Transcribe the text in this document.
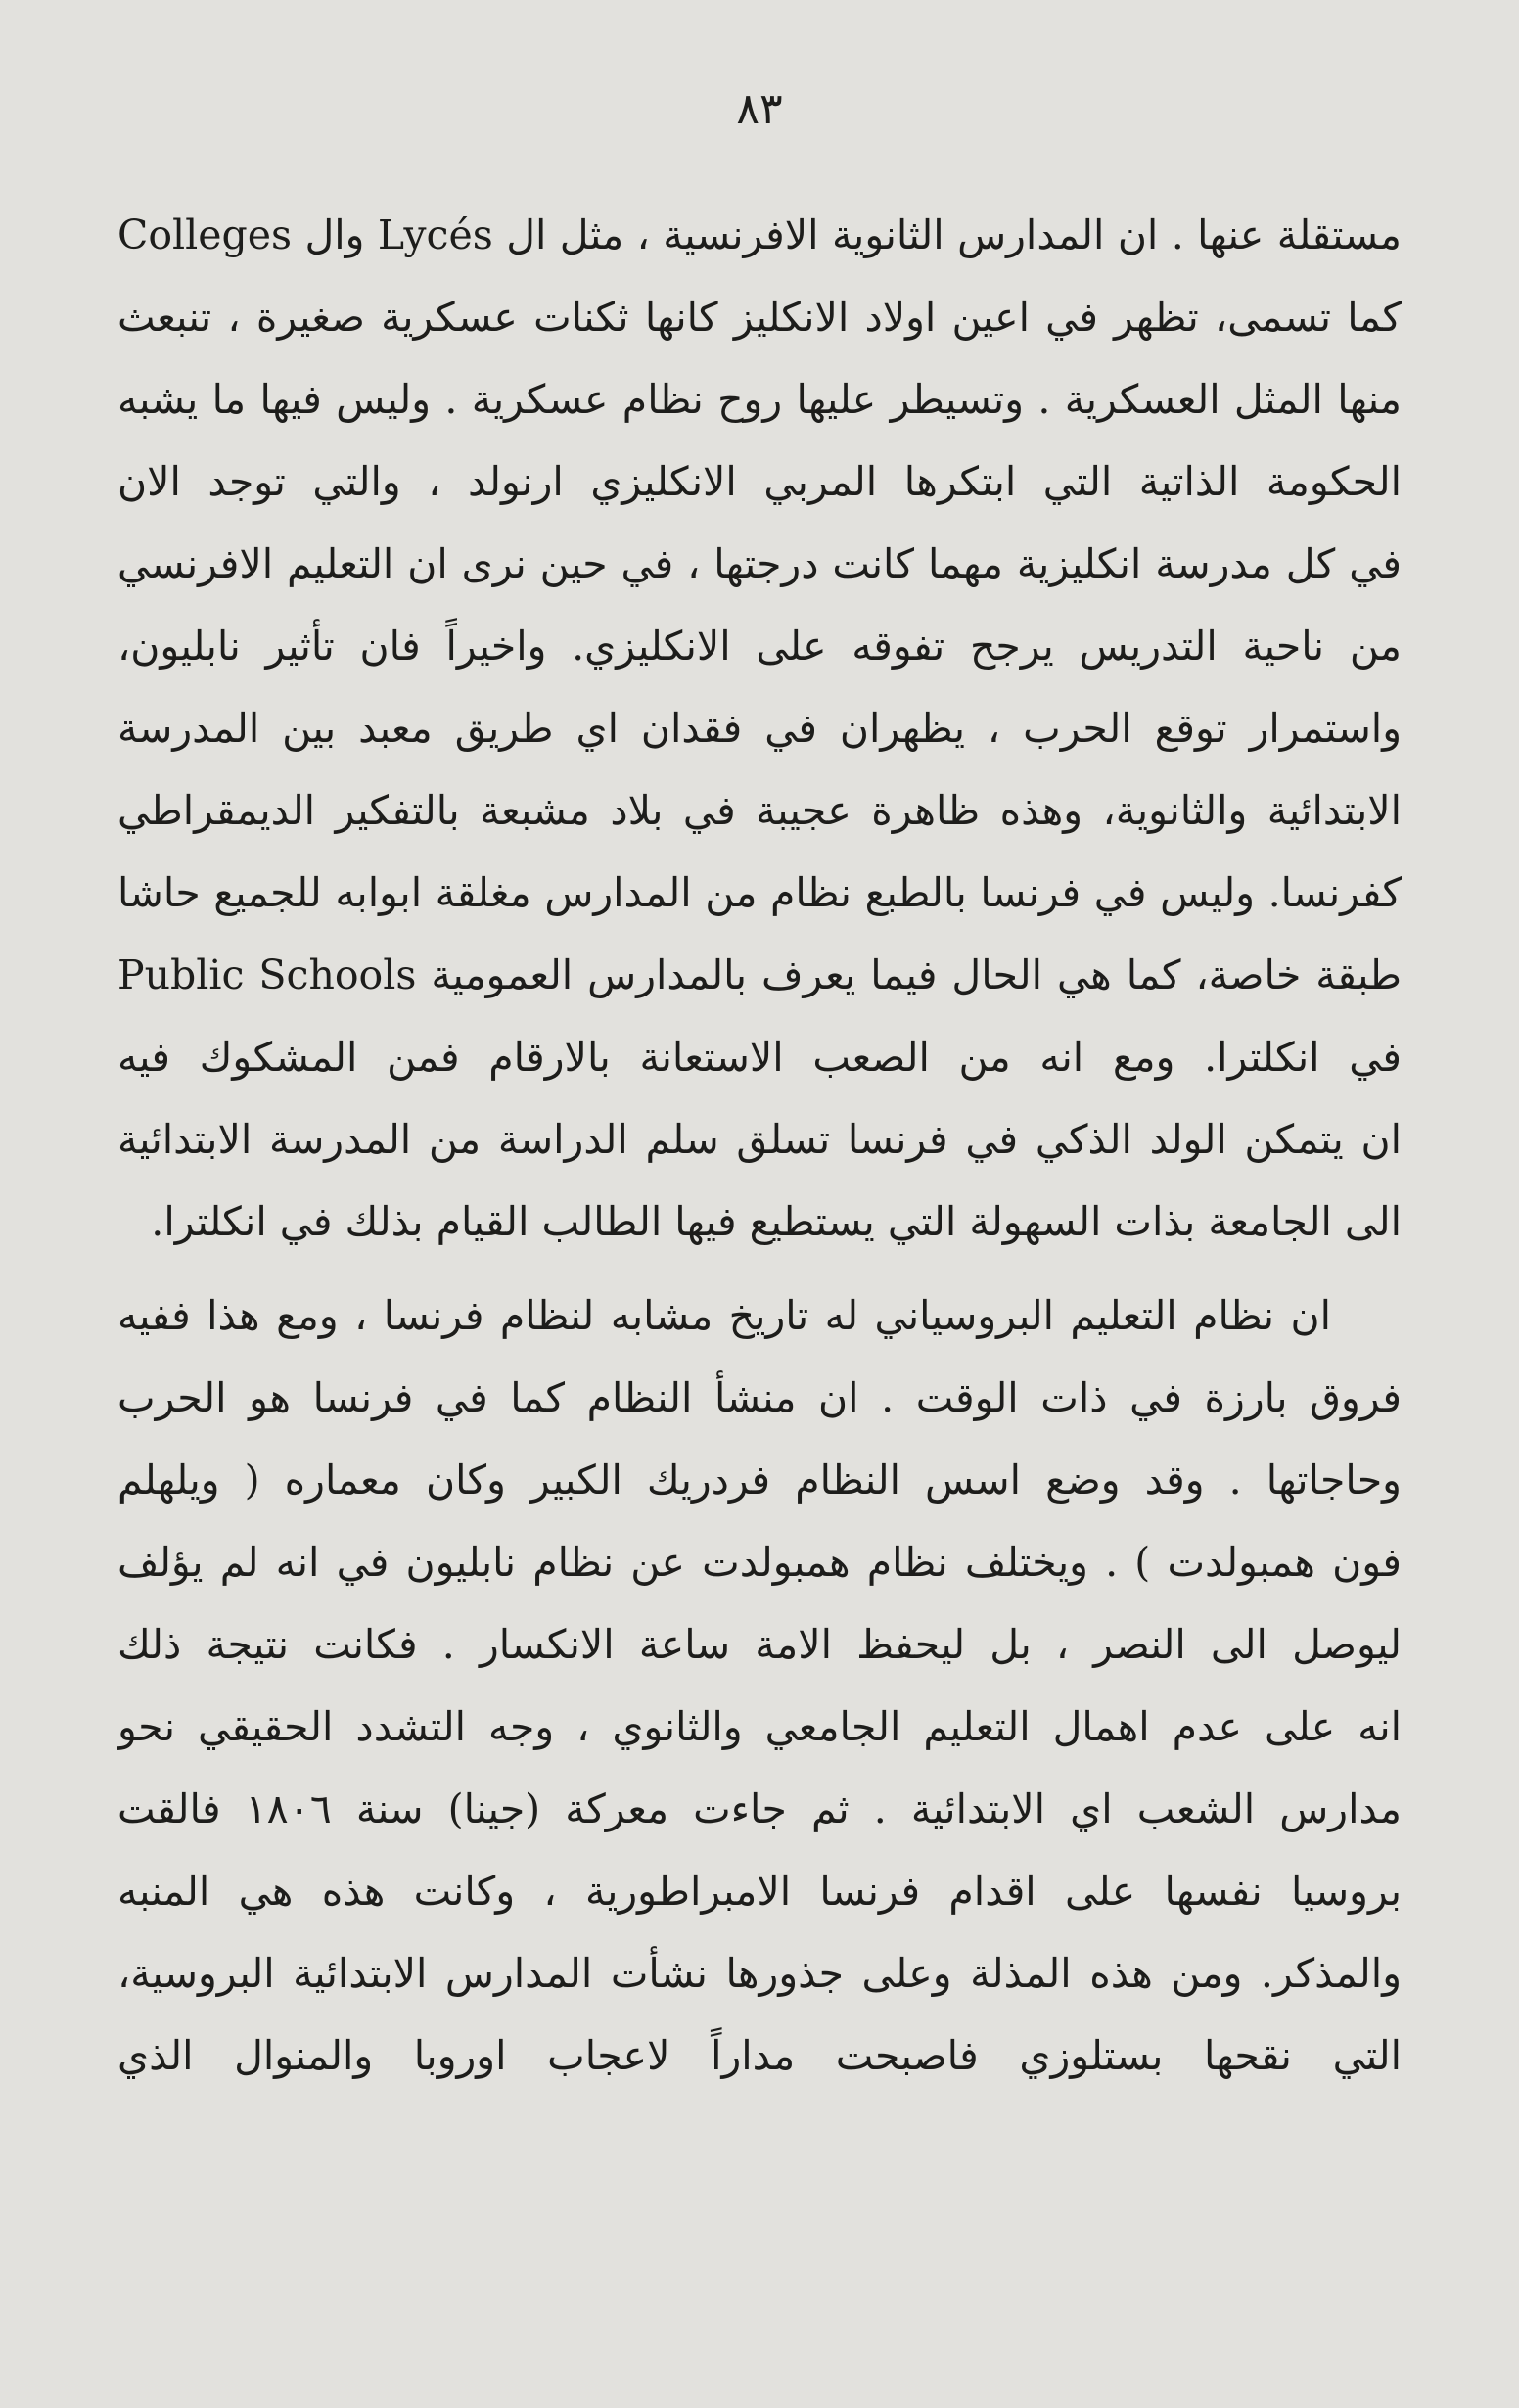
٨٣
مستقلة عنها . ان المدارس الثانوية الافرنسية ، مثل ال Lycés وال Colleges
كما تسمى، تظهر في اعين اولاد الانكليز كانها ثكنات عسكرية صغيرة ، تنبعث
منها المثل العسكرية . وتسيطر عليها روح نظام عسكرية . وليس فيها ما يشبه
الحكومة الذاتية التي ابتكرها المربي الانكليزي ارنولد ، والتي توجد الان
في كل مدرسة انكليزية مهما كانت درجتها ، في حين نرى ان التعليم الافرنسي
من ناحية التدريس يرجح تفوقه على الانكليزي. واخيراً فان تأثير نابليون،
واستمرار توقع الحرب ، يظهران في فقدان اي طريق معبد بين المدرسة
الابتدائية والثانوية، وهذه ظاهرة عجيبة في بلاد مشبعة بالتفكير الديمقراطي
كفرنسا. وليس في فرنسا بالطبع نظام من المدارس مغلقة ابوابه للجميع حاشا
طبقة خاصة، كما هي الحال فيما يعرف بالمدارس العمومية Public Schools
في انكلترا. ومع انه من الصعب الاستعانة بالارقام فمن المشكوك فيه
ان يتمكن الولد الذكي في فرنسا تسلق سلم الدراسة من المدرسة الابتدائية
الى الجامعة بذات السهولة التي يستطيع فيها الطالب القيام بذلك في انكلترا.
ان نظام التعليم البروسياني له تاريخ مشابه لنظام فرنسا ، ومع هذا ففيه
فروق بارزة في ذات الوقت . ان منشأ النظام كما في فرنسا هو الحرب
وحاجاتها . وقد وضع اسس النظام فردريك الكبير وكان معماره ( ويلهلم
فون همبولدت ) . ويختلف نظام همبولدت عن نظام نابليون في انه لم يؤلف
ليوصل الى النصر ، بل ليحفظ الامة ساعة الانكسار . فكانت نتيجة ذلك
انه على عدم اهمال التعليم الجامعي والثانوي ، وجه التشدد الحقيقي نحو
مدارس الشعب اي الابتدائية . ثم جاءت معركة (جينا) سنة ١٨٠٦ فالقت
بروسيا نفسها على اقدام فرنسا الامبراطورية ، وكانت هذه هي المنبه
والمذكر. ومن هذه المذلة وعلى جذورها نشأت المدارس الابتدائية البروسية،
التي نقحها بستلوزي فاصبحت مداراً لاعجاب اوروبا والمنوال الذي
